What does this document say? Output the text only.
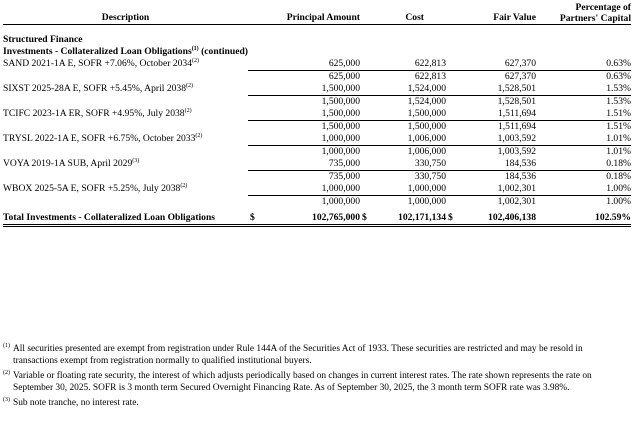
Description		Principal Amount		Cost		Fair Value	Percentage of
Partners' Capital
Structured Finance							
Investments - Collateralized Loan Obligations$^{(1)}$ (continued)							
SAND 2021-1A E, SOFR +7.06%, October 2034$^{(2)}$		625,000		622,813		627,370	0.63%
		625,000		622,813		627,370	0.63%
SIXST 2025-28A E, SOFR +5.45%, April 2038$^{(2)}$		1,500,000		1,524,000		1,528,501	1.53%
		1,500,000		1,524,000		1,528,501	1.53%
TCIFC 2023-1A ER, SOFR +4.95%, July 2038$^{(2)}$		1,500,000		1,500,000		1,511,694	1.51%
		1,500,000		1,500,000		1,511,694	1.51%
TRYSL 2022-1A E, SOFR +6.75%, October 2033$^{(2)}$		1,000,000		1,006,000		1,003,592	1.01%
		1,000,000		1,006,000		1,003,592	1.01%
VOYA 2019-1A SUB, April 2029$^{(3)}$		735,000		330,750		184,536	0.18%
		735,000		330,750		184,536	0.18%
WBOX 2025-5A E, SOFR +5.25%, July 2038$^{(2)}$		1,000,000		1,000,000		1,002,301	1.00%
		1,000,000		1,000,000		1,002,301	1.00%

Total Investments - Collateralized Loan Obligations	$	102,765,000	$	102,171,134	$	102,406,138	102.59%
(1) All securities presented are exempt from registration under Rule 144A of the Securities Act of 1933. These securities are restricted and may be resold in transactions exempt from registration normally to qualified institutional buyers.
(2) Variable or floating rate security, the interest of which adjusts periodically based on changes in current interest rates. The rate shown represents the rate on September 30, 2025. SOFR is 3 month term Secured Overnight Financing Rate. As of September 30, 2025, the 3 month term SOFR rate was 3.98%.
(3) Sub note tranche, no interest rate.
